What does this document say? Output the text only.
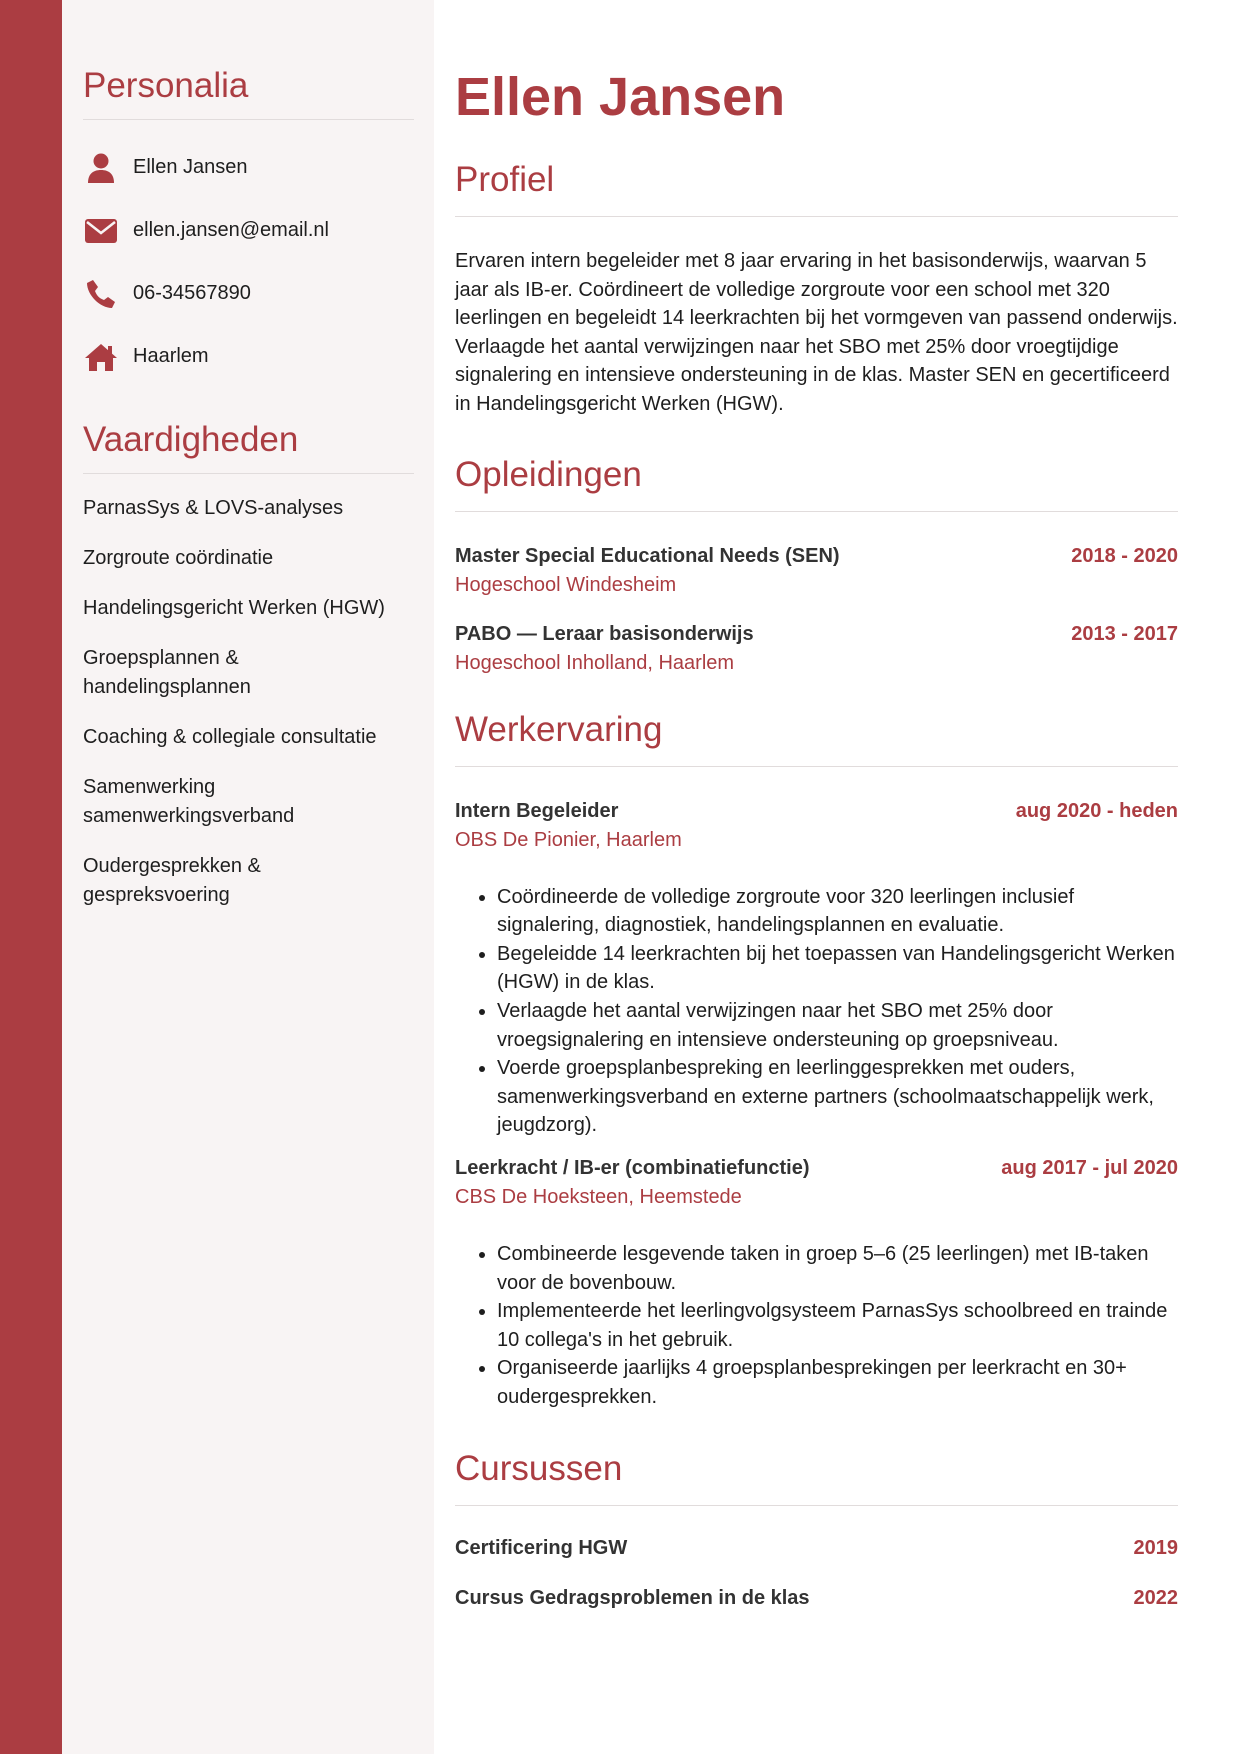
Personalia
Ellen Jansen
ellen.jansen@email.nl
06-34567890
Haarlem
Vaardigheden
ParnasSys & LOVS-analyses
Zorgroute coördinatie
Handelingsgericht Werken (HGW)
Groepsplannen & handelingsplannen
Coaching & collegiale consultatie
Samenwerking samenwerkingsverband
Oudergesprekken & gespreksvoering
Ellen Jansen
Profiel

Ervaren intern begeleider met 8 jaar ervaring in het basisonderwijs, waarvan 5 jaar als IB-er. Coördineert de volledige zorgroute voor een school met 320 leerlingen en begeleidt 14 leerkrachten bij het vormgeven van passend onderwijs. Verlaagde het aantal verwijzingen naar het SBO met 25% door vroegtijdige signalering en intensieve ondersteuning in de klas. Master SEN en gecertificeerd in Handelingsgericht Werken (HGW).

Opleidingen
Master Special Educational Needs (SEN)	2018 - 2020
Hogeschool Windesheim
PABO — Leraar basisonderwijs	2013 - 2017
Hogeschool Inholland, Haarlem
Werkervaring
Intern Begeleider	aug 2020 - heden
OBS De Pionier, Haarlem
• Coördineerde de volledige zorgroute voor 320 leerlingen inclusief signalering, diagnostiek, handelingsplannen en evaluatie.
• Begeleidde 14 leerkrachten bij het toepassen van Handelingsgericht Werken (HGW) in de klas.
• Verlaagde het aantal verwijzingen naar het SBO met 25% door vroegsignalering en intensieve ondersteuning op groepsniveau.
• Voerde groepsplanbespreking en leerlinggesprekken met ouders, samenwerkingsverband en externe partners (schoolmaatschappelijk werk, jeugdzorg).
Leerkracht / IB-er (combinatiefunctie)	aug 2017 - jul 2020
CBS De Hoeksteen, Heemstede
• Combineerde lesgevende taken in groep 5–6 (25 leerlingen) met IB-taken voor de bovenbouw.
• Implementeerde het leerlingvolgsysteem ParnasSys schoolbreed en trainde 10 collega's in het gebruik.
• Organiseerde jaarlijks 4 groepsplanbesprekingen per leerkracht en 30+ oudergesprekken.
Cursussen
Certificering HGW	2019
Cursus Gedragsproblemen in de klas	2022
